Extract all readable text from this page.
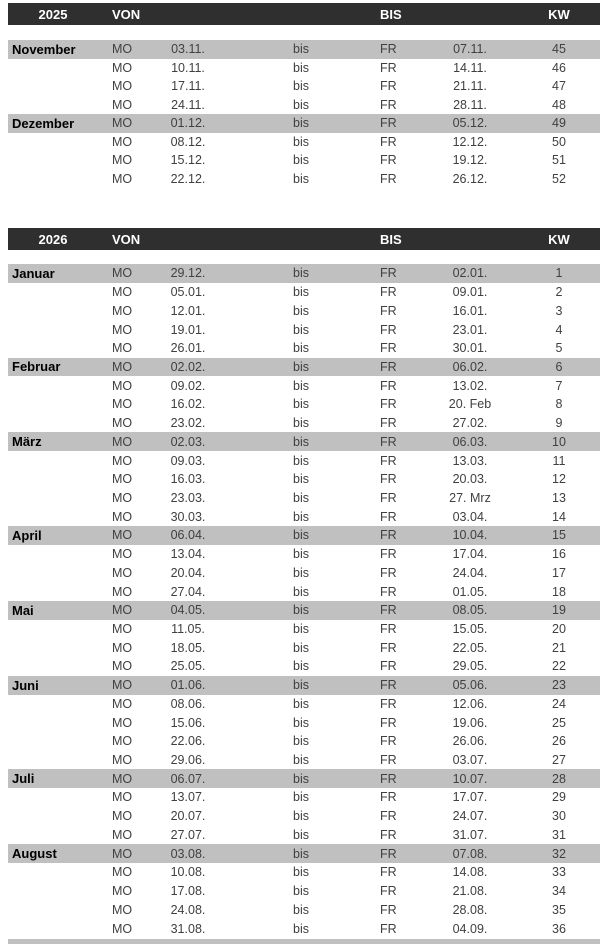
2025	VON	BIS	KW
November	MO	03.11.	bis	FR	07.11.	45
MO	10.11.	bis	FR	14.11.	46
MO	17.11.	bis	FR	21.11.	47
MO	24.11.	bis	FR	28.11.	48
Dezember	MO	01.12.	bis	FR	05.12.	49
MO	08.12.	bis	FR	12.12.	50
MO	15.12.	bis	FR	19.12.	51
MO	22.12.	bis	FR	26.12.	52
2026	VON	BIS	KW
Januar	MO	29.12.	bis	FR	02.01.	1
MO	05.01.	bis	FR	09.01.	2
MO	12.01.	bis	FR	16.01.	3
MO	19.01.	bis	FR	23.01.	4
MO	26.01.	bis	FR	30.01.	5
Februar	MO	02.02.	bis	FR	06.02.	6
MO	09.02.	bis	FR	13.02.	7
MO	16.02.	bis	FR	20. Feb	8
MO	23.02.	bis	FR	27.02.	9
März	MO	02.03.	bis	FR	06.03.	10
MO	09.03.	bis	FR	13.03.	11
MO	16.03.	bis	FR	20.03.	12
MO	23.03.	bis	FR	27. Mrz	13
MO	30.03.	bis	FR	03.04.	14
April	MO	06.04.	bis	FR	10.04.	15
MO	13.04.	bis	FR	17.04.	16
MO	20.04.	bis	FR	24.04.	17
MO	27.04.	bis	FR	01.05.	18
Mai	MO	04.05.	bis	FR	08.05.	19
MO	11.05.	bis	FR	15.05.	20
MO	18.05.	bis	FR	22.05.	21
MO	25.05.	bis	FR	29.05.	22
Juni	MO	01.06.	bis	FR	05.06.	23
MO	08.06.	bis	FR	12.06.	24
MO	15.06.	bis	FR	19.06.	25
MO	22.06.	bis	FR	26.06.	26
MO	29.06.	bis	FR	03.07.	27
Juli	MO	06.07.	bis	FR	10.07.	28
MO	13.07.	bis	FR	17.07.	29
MO	20.07.	bis	FR	24.07.	30
MO	27.07.	bis	FR	31.07.	31
August	MO	03.08.	bis	FR	07.08.	32
MO	10.08.	bis	FR	14.08.	33
MO	17.08.	bis	FR	21.08.	34
MO	24.08.	bis	FR	28.08.	35
MO	31.08.	bis	FR	04.09.	36
